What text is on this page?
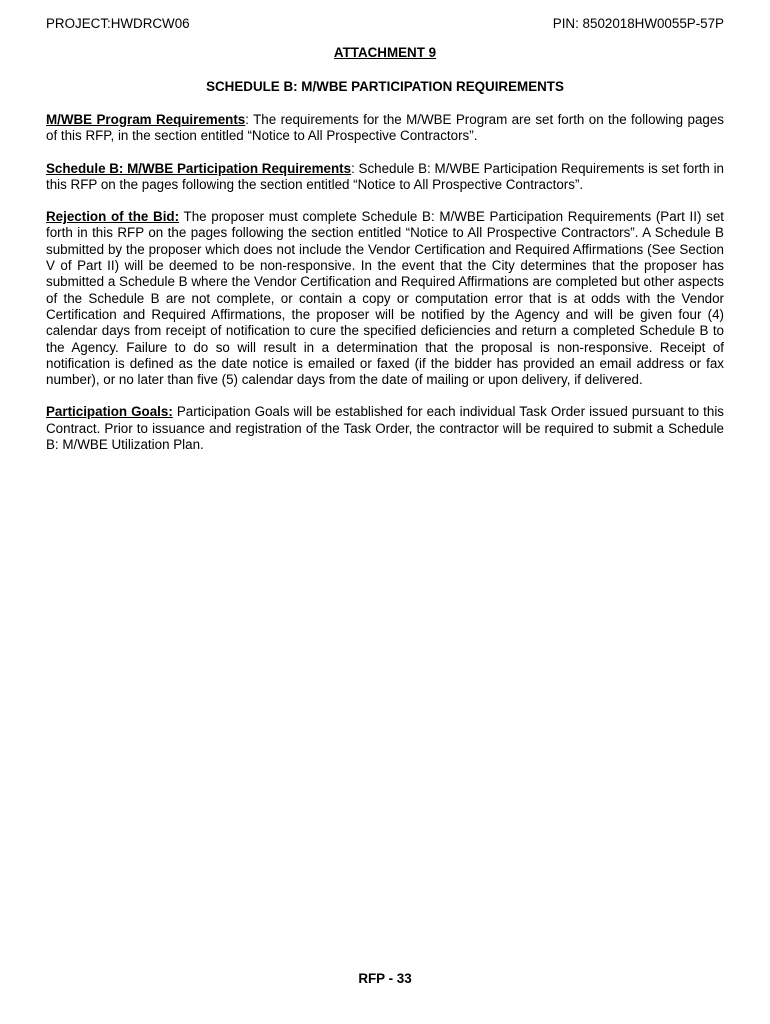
PROJECT:HWDRCW06	PIN: 8502018HW0055P-57P
ATTACHMENT 9
SCHEDULE B: M/WBE PARTICIPATION REQUIREMENTS

M/WBE Program Requirements: The requirements for the M/WBE Program are set forth on the following pages of this RFP, in the section entitled “Notice to All Prospective Contractors”.

Schedule B: M/WBE Participation Requirements: Schedule B: M/WBE Participation Requirements is set forth in this RFP on the pages following the section entitled “Notice to All Prospective Contractors”.

Rejection of the Bid: The proposer must complete Schedule B: M/WBE Participation Requirements (Part II) set forth in this RFP on the pages following the section entitled “Notice to All Prospective Contractors”. A Schedule B submitted by the proposer which does not include the Vendor Certification and Required Affirmations (See Section V of Part II) will be deemed to be non-responsive. In the event that the City determines that the proposer has submitted a Schedule B where the Vendor Certification and Required Affirmations are completed but other aspects of the Schedule B are not complete, or contain a copy or computation error that is at odds with the Vendor Certification and Required Affirmations, the proposer will be notified by the Agency and will be given four (4) calendar days from receipt of notification to cure the specified deficiencies and return a completed Schedule B to the Agency. Failure to do so will result in a determination that the proposal is non-responsive. Receipt of notification is defined as the date notice is emailed or faxed (if the bidder has provided an email address or fax number), or no later than five (5) calendar days from the date of mailing or upon delivery, if delivered.

Participation Goals: Participation Goals will be established for each individual Task Order issued pursuant to this Contract. Prior to issuance and registration of the Task Order, the contractor will be required to submit a Schedule B: M/WBE Utilization Plan.

RFP - 33
